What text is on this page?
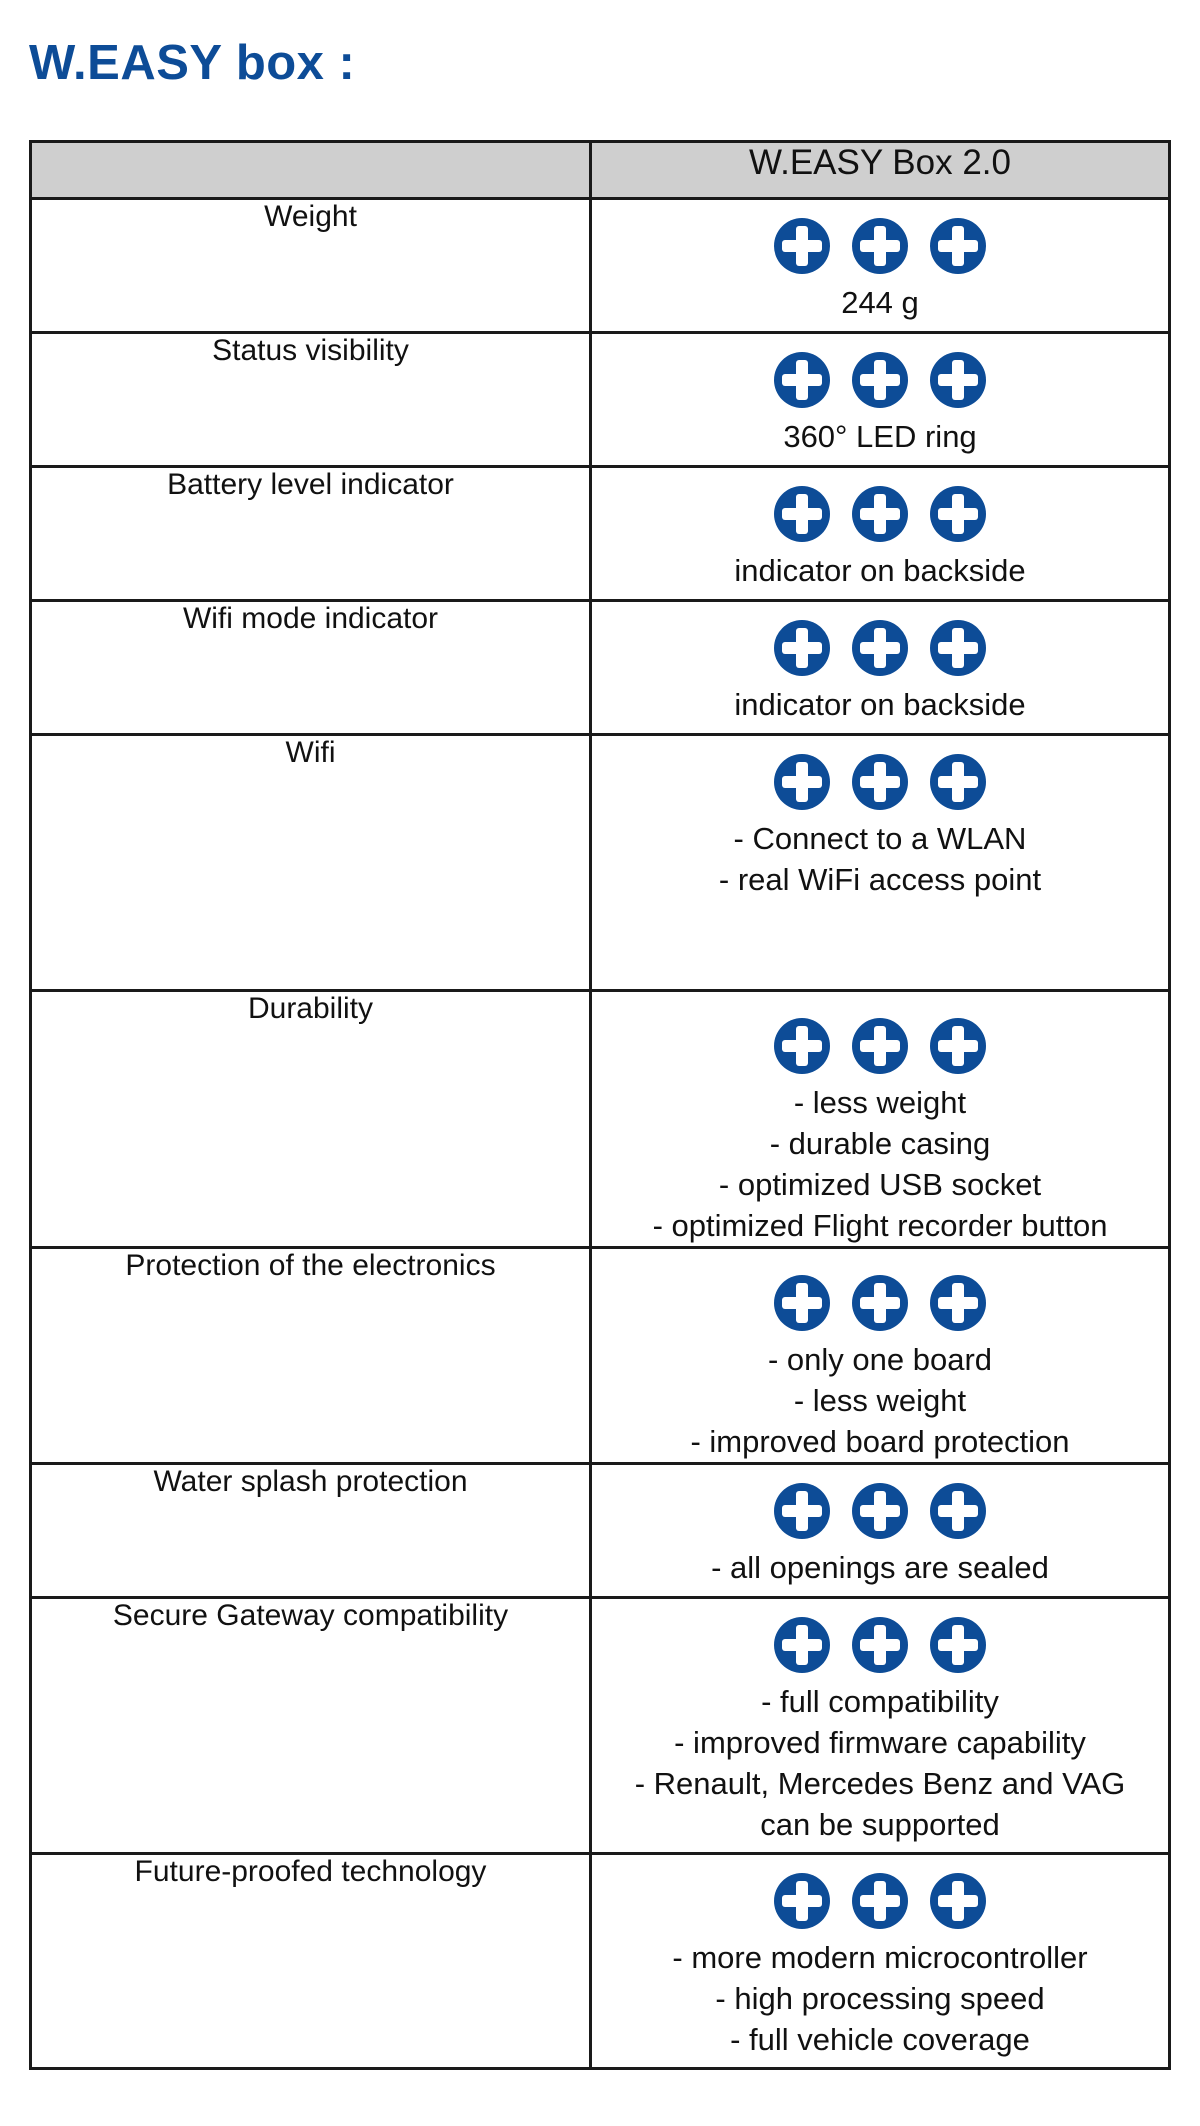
W.EASY box :
	W.EASY Box 2.0
Weight	244 g

Status visibility	360° LED ring

Battery level indicator	indicator on backside

Wifi mode indicator	indicator on backside

Wifi	- Connect to a WLAN
- real WiFi access point

Durability	- less weight
- durable casing
- optimized USB socket
- optimized Flight recorder button

Protection of the electronics	- only one board
- less weight
- improved board protection

Water splash protection	- all openings are sealed

Secure Gateway compatibility	- full compatibility
- improved firmware capability
- Renault, Mercedes Benz and VAG
can be supported

Future-proofed technology	- more modern microcontroller
- high processing speed
- full vehicle coverage
